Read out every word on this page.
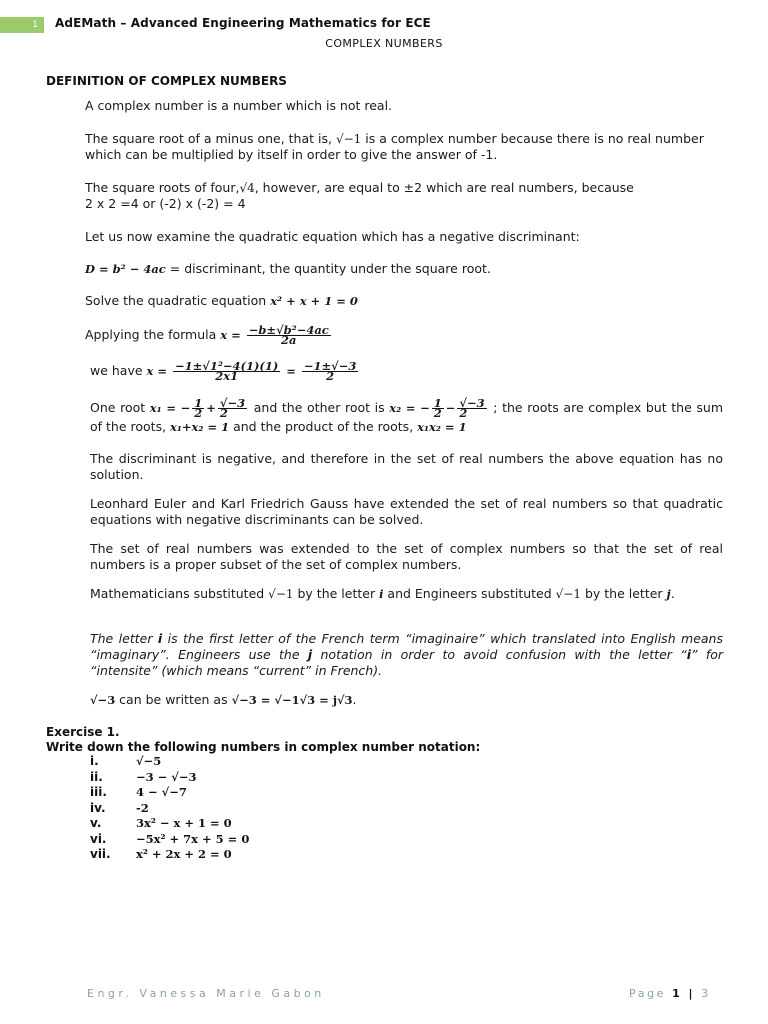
1	AdEMath – Advanced Engineering Mathematics for ECE
COMPLEX NUMBERS
DEFINITION OF COMPLEX NUMBERS
A complex number is a number which is not real.
The square root of a minus one, that is, √−1 is a complex number because there is no real number which can be multiplied by itself in order to give the answer of -1.
The square roots of four,√4, however, are equal to ±2 which are real numbers, because
2 x 2 =4 or (-2) x (-2) = 4
Let us now examine the quadratic equation which has a negative discriminant:
D = b² − 4ac = discriminant, the quantity under the square root.
Solve the quadratic equation x² + x + 1 = 0
Applying the formula $x = \frac{\text{−b±√b²−4ac}}{2a}$
we have $x = \frac{\text{−1±√1²−4(1)(1)}}{2x1} = \frac{-1\pm√-3}{2}$
One root x₁ = − $\frac{1}{2} + \frac{√-3}{2}$ and the other root is x₂ = − $\frac{1}{2} - \frac{√-3}{2}$ ; the roots are complex but the sum of the roots, x₁+x₂ = 1 and the product of the roots, x₁x₂ = 1
The discriminant is negative, and therefore in the set of real numbers the above equation has no solution.
Leonhard Euler and Karl Friedrich Gauss have extended the set of real numbers so that quadratic equations with negative discriminants can be solved.
The set of real numbers was extended to the set of complex numbers so that the set of real numbers is a proper subset of the set of complex numbers.
Mathematicians substituted √−1 by the letter i and Engineers substituted √−1 by the letter j.
The letter i is the first letter of the French term “imaginaire” which translated into English means “imaginary”. Engineers use the j notation in order to avoid confusion with the letter “i” for “intensite” (which means “current” in French).
√−3 can be written as √−3 = √−1√3 = j√3.
Exercise 1.
Write down the following numbers in complex number notation:
i.	√−5
ii.	−3 − √−3
iii.	4 − √−7
iv.	-2
v.	3x² − x + 1 = 0
vi.	−5x² + 7x + 5 = 0
vii.	x² + 2x + 2 = 0
Engr. Vanessa Marie Gabon	Page 1 | 3
